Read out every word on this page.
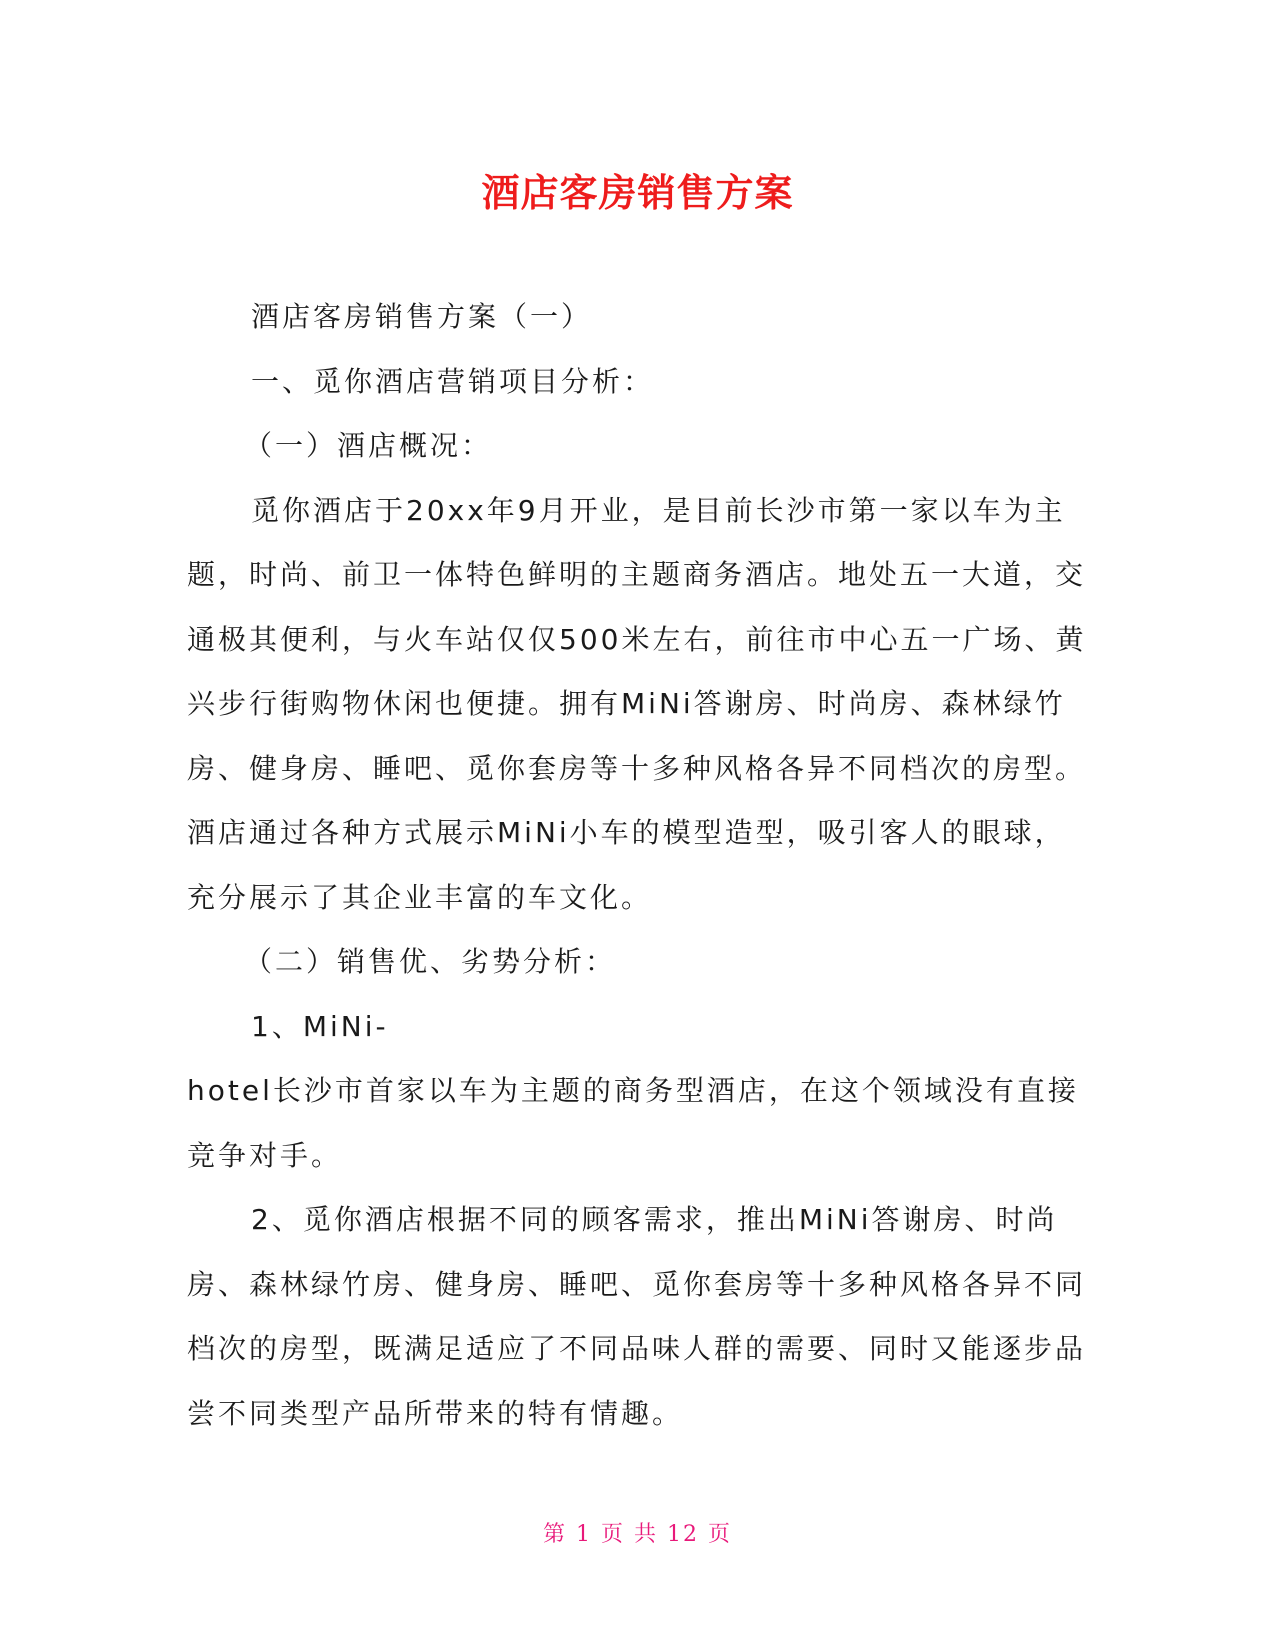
酒店客房销售方案

酒店客房销售方案（一）

一、觅你酒店营销项目分析：

（一）酒店概况：

觅你酒店于20xx年9月开业，是目前长沙市第一家以车为主题，时尚、前卫一体特色鲜明的主题商务酒店。地处五一大道，交通极其便利，与火车站仅仅500米左右，前往市中心五一广场、黄兴步行街购物休闲也便捷。拥有MiNi答谢房、时尚房、森林绿竹房、健身房、睡吧、觅你套房等十多种风格各异不同档次的房型。酒店通过各种方式展示MiNi小车的模型造型，吸引客人的眼球，充分展示了其企业丰富的车文化。

（二）销售优、劣势分析：

1、MiNi-

hotel长沙市首家以车为主题的商务型酒店，在这个领域没有直接竞争对手。

2、觅你酒店根据不同的顾客需求，推出MiNi答谢房、时尚房、森林绿竹房、健身房、睡吧、觅你套房等十多种风格各异不同档次的房型，既满足适应了不同品味人群的需要、同时又能逐步品尝不同类型产品所带来的特有情趣。

第 1 页 共 12 页
